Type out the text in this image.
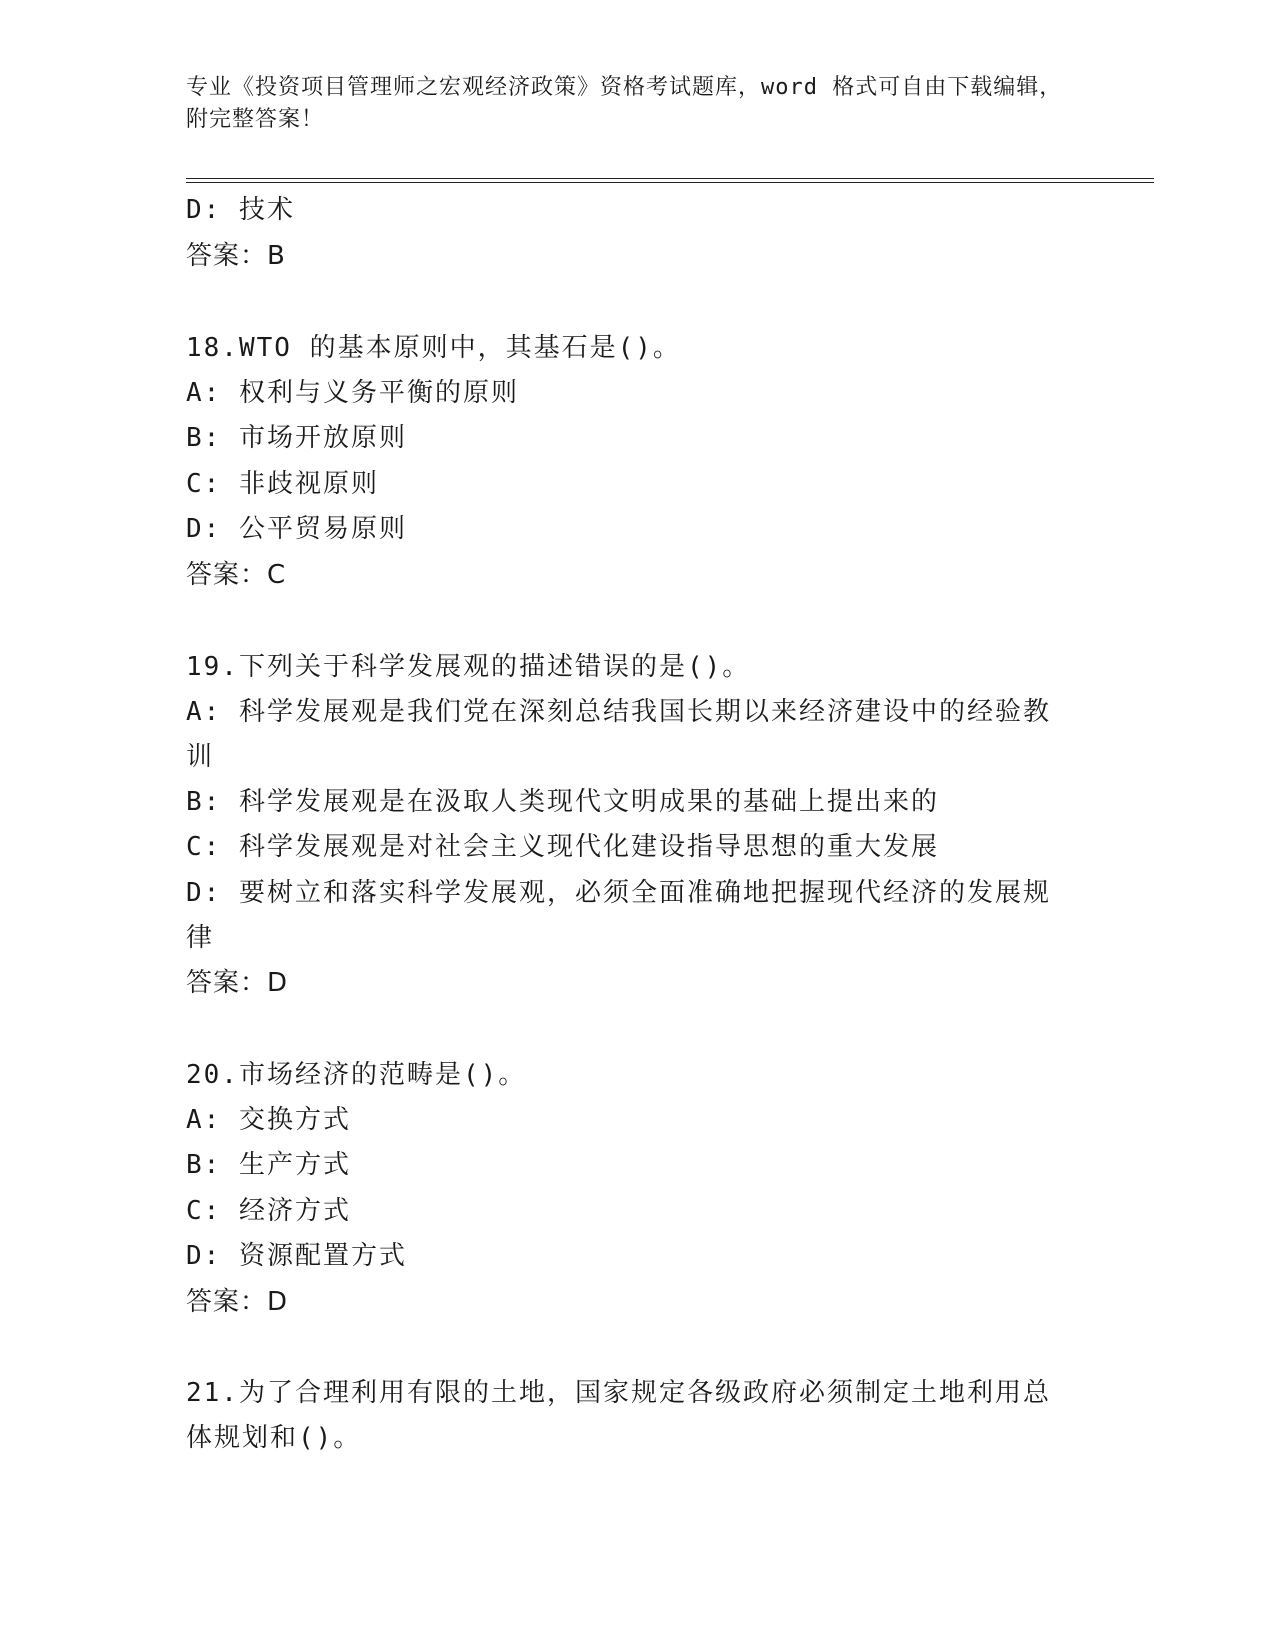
专业《投资项目管理师之宏观经济政策》资格考试题库，word 格式可自由下载编辑，附完整答案！
D: 技术
答案：B
18.WTO 的基本原则中，其基石是()。
A: 权利与义务平衡的原则
B: 市场开放原则
C: 非歧视原则
D: 公平贸易原则
答案：C
19.下列关于科学发展观的描述错误的是()。
A: 科学发展观是我们党在深刻总结我国长期以来经济建设中的经验教训
B: 科学发展观是在汲取人类现代文明成果的基础上提出来的
C: 科学发展观是对社会主义现代化建设指导思想的重大发展
D: 要树立和落实科学发展观，必须全面准确地把握现代经济的发展规律
答案：D
20.市场经济的范畴是()。
A: 交换方式
B: 生产方式
C: 经济方式
D: 资源配置方式
答案：D
21.为了合理利用有限的土地，国家规定各级政府必须制定土地利用总体规划和()。
